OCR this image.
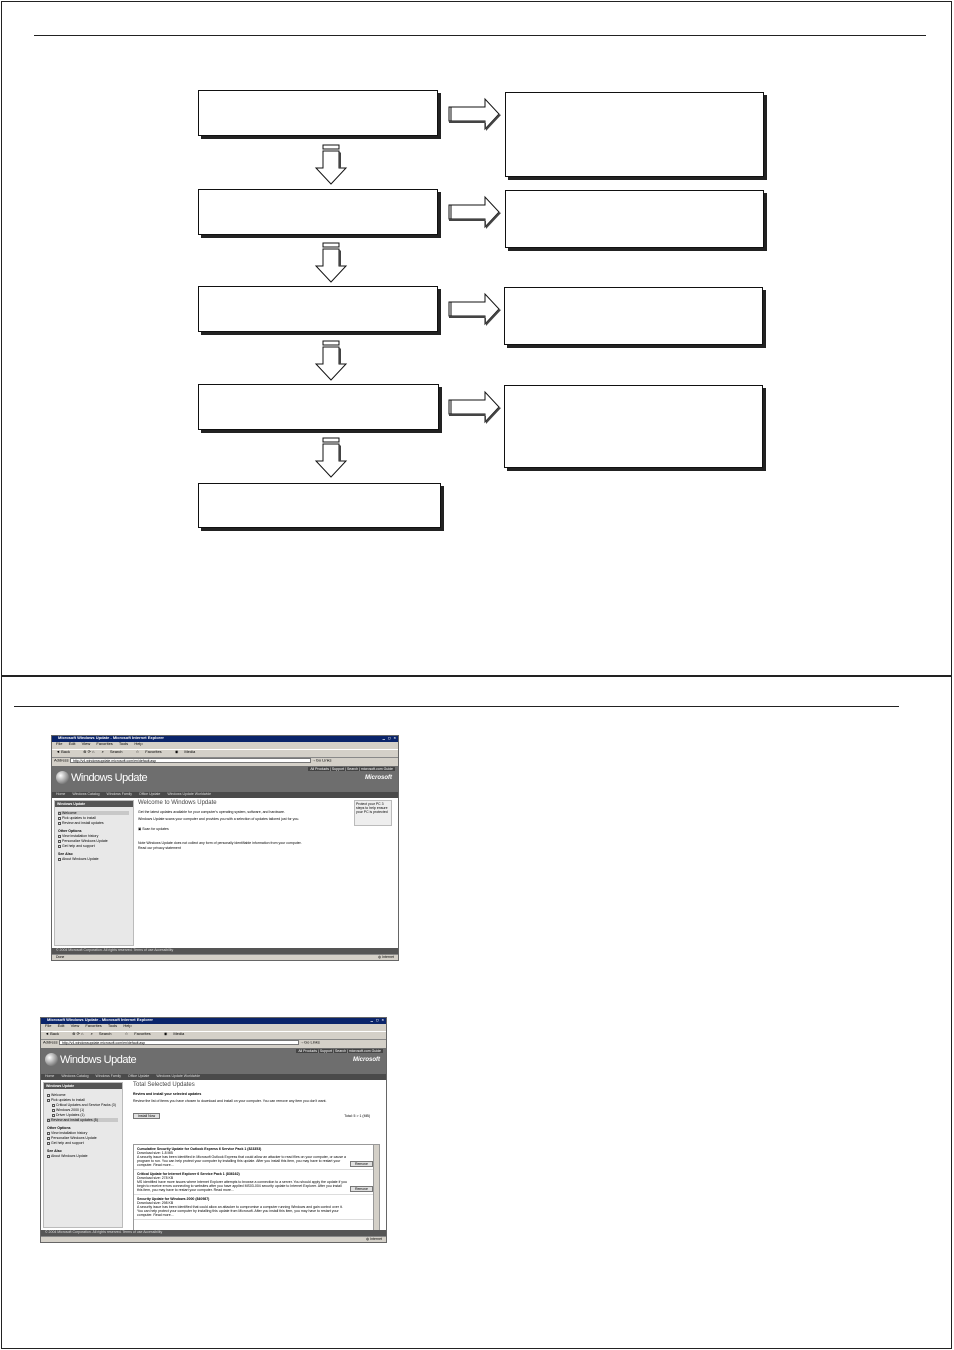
Microsoft Windows Update - Microsoft Internet Explorer	▁ ▢ ✕
File Edit View Favorites Tools Help
◄ Back	⊗ ⟳ ⌂ ⌕ Search	☆ Favorites	◉ Media
Address http://v4.windowsupdate.microsoft.com/en/default.asp	→Go Links
Windows Update
All Products | Support | Search | microsoft.com Guide
Microsoft
Home Windows Catalog Windows Family Office Update Windows Update Worldwide
Windows Update
Welcome
Pick updates to install
Review and install updates
Other Options
View installation history
Personalize Windows Update
Get help and support
See Also
About Windows Update
Welcome to Windows Update

Get the latest updates available for your computer's operating system, software, and hardware.

Windows Update scans your computer and provides you with a selection of updates tailored just for you.

▣ Scan for updates

Note Windows Update does not collect any form of personally identifiable information from your computer.

Read our privacy statement

Protect your PC 3 steps to help ensure your PC is protected
© 2004 Microsoft Corporation. All rights reserved. Terms of use Accessibility
Done	◍ Internet
Microsoft Windows Update - Microsoft Internet Explorer	▁ ▢ ✕
File Edit View Favorites Tools Help
◄ Back	⊗ ⟳ ⌂ ⌕ Search	☆ Favorites	◉ Media
Address http://v4.windowsupdate.microsoft.com/en/default.asp	→Go Links
Windows Update
All Products | Support | Search | microsoft.com Guide
Microsoft
Home Windows Catalog Windows Family Office Update Windows Update Worldwide
Windows Update
Welcome
Pick updates to install
Critical Updates and Service Packs (3)
Windows 2000 (1)
Driver Updates (1)
Review and install updates (5)
Other Options
View installation history
Personalize Windows Update
Get help and support
See Also
About Windows Update
Total Selected Updates

Review and install your selected updates

Review the list of items you have chosen to download and install on your computer. You can remove any item you don't want.

Install Now	Total: 5 > 1 (MB)
Cumulative Security Update for Outlook Express 6 Service Pack 1 (823353)
Download size: 1.8 MB
A security issue has been identified in Microsoft Outlook Express that could allow an attacker to read files on your computer, or cause a program to run. You can help protect your computer by installing this update. After you install this item, you may have to restart your computer. Read more...	Remove
Critical Update for Internet Explorer 6 Service Pack 1 (836162)
Download size: 278 KB
MS identified have more issues where Internet Explorer attempts to browse a connection to a server. You should apply the update if you begin to receive errors connecting to websites after you have applied MS03-004 security update to Internet Explorer. After you install this item, you may have to restart your computer. Read more...	Remove
Security Update for Windows 2000 (840987)
Download size: 298 KB
A security issue has been identified that could allow an attacker to compromise a computer running Windows and gain control over it. You can help protect your computer by installing this update from Microsoft. After you install this item, you may have to restart your computer. Read more...
© 2004 Microsoft Corporation. All rights reserved. Terms of use Accessibility
◍ Internet
